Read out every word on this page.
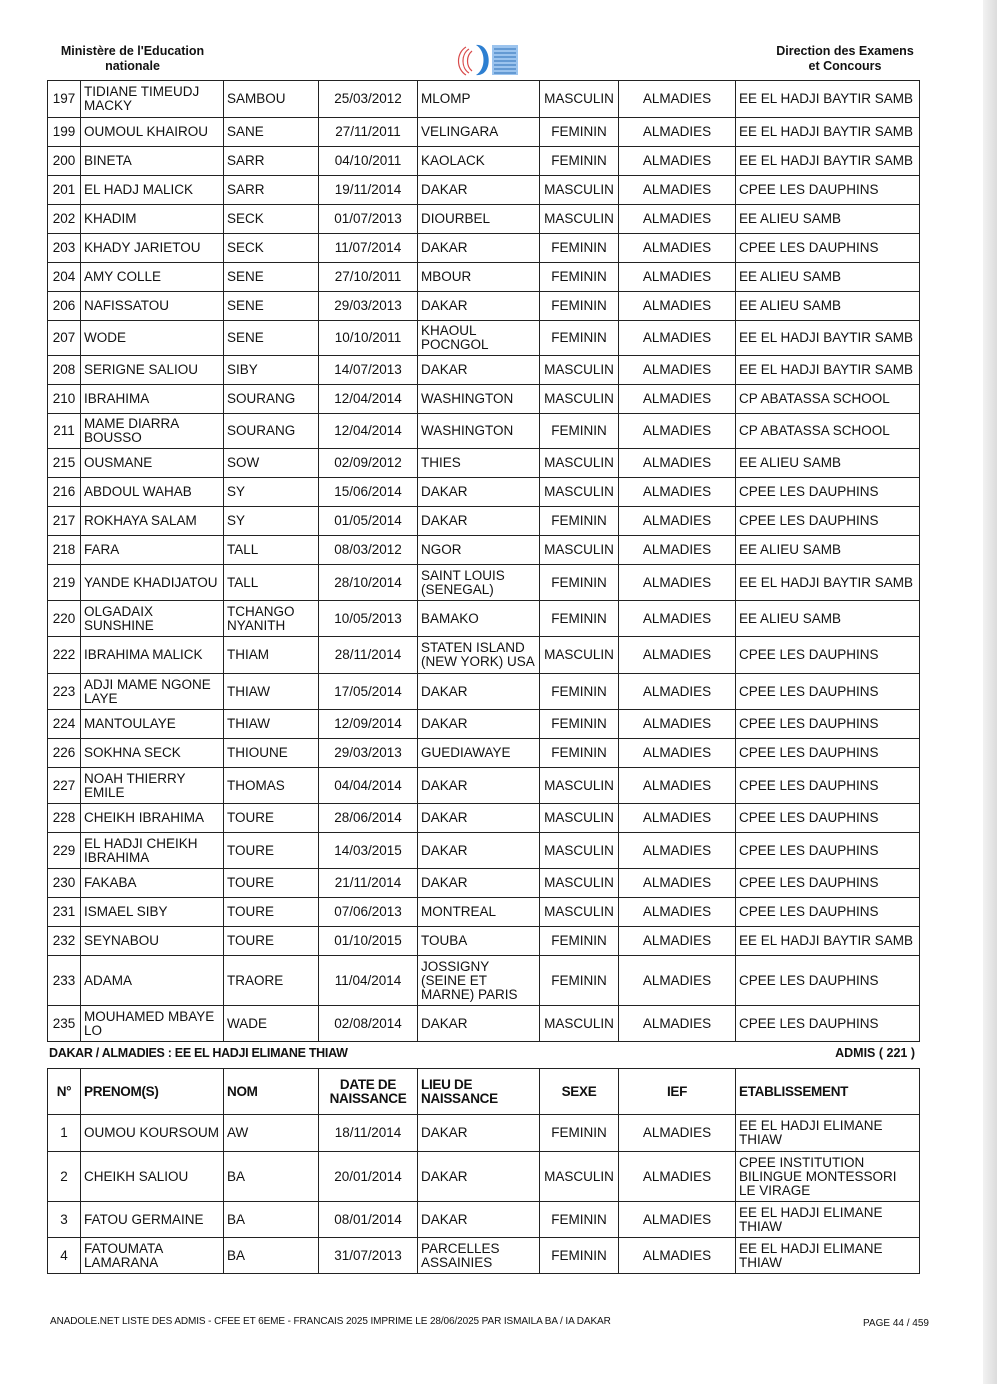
Ministère de l'Education
nationale
Direction des Examens
et Concours
197	TIDIANE TIMEUDJ MACKY	SAMBOU	25/03/2012	MLOMP	MASCULIN	ALMADIES	EE EL HADJI BAYTIR SAMB
199	OUMOUL KHAIROU	SANE	27/11/2011	VELINGARA	FEMININ	ALMADIES	EE EL HADJI BAYTIR SAMB
200	BINETA	SARR	04/10/2011	KAOLACK	FEMININ	ALMADIES	EE EL HADJI BAYTIR SAMB
201	EL HADJ MALICK	SARR	19/11/2014	DAKAR	MASCULIN	ALMADIES	CPEE LES DAUPHINS
202	KHADIM	SECK	01/07/2013	DIOURBEL	MASCULIN	ALMADIES	EE ALIEU SAMB
203	KHADY JARIETOU	SECK	11/07/2014	DAKAR	FEMININ	ALMADIES	CPEE LES DAUPHINS
204	AMY COLLE	SENE	27/10/2011	MBOUR	FEMININ	ALMADIES	EE ALIEU SAMB
206	NAFISSATOU	SENE	29/03/2013	DAKAR	FEMININ	ALMADIES	EE ALIEU SAMB
207	WODE	SENE	10/10/2011	KHAOUL POCNGOL	FEMININ	ALMADIES	EE EL HADJI BAYTIR SAMB
208	SERIGNE SALIOU	SIBY	14/07/2013	DAKAR	MASCULIN	ALMADIES	EE EL HADJI BAYTIR SAMB
210	IBRAHIMA	SOURANG	12/04/2014	WASHINGTON	MASCULIN	ALMADIES	CP ABATASSA SCHOOL
211	MAME DIARRA BOUSSO	SOURANG	12/04/2014	WASHINGTON	FEMININ	ALMADIES	CP ABATASSA SCHOOL
215	OUSMANE	SOW	02/09/2012	THIES	MASCULIN	ALMADIES	EE ALIEU SAMB
216	ABDOUL WAHAB	SY	15/06/2014	DAKAR	MASCULIN	ALMADIES	CPEE LES DAUPHINS
217	ROKHAYA SALAM	SY	01/05/2014	DAKAR	FEMININ	ALMADIES	CPEE LES DAUPHINS
218	FARA	TALL	08/03/2012	NGOR	MASCULIN	ALMADIES	EE ALIEU SAMB
219	YANDE KHADIJATOU	TALL	28/10/2014	SAINT LOUIS (SENEGAL)	FEMININ	ALMADIES	EE EL HADJI BAYTIR SAMB
220	OLGADAIX SUNSHINE	TCHANGO NYANITH	10/05/2013	BAMAKO	FEMININ	ALMADIES	EE ALIEU SAMB
222	IBRAHIMA MALICK	THIAM	28/11/2014	STATEN ISLAND (NEW YORK) USA	MASCULIN	ALMADIES	CPEE LES DAUPHINS
223	ADJI MAME NGONE LAYE	THIAW	17/05/2014	DAKAR	FEMININ	ALMADIES	CPEE LES DAUPHINS
224	MANTOULAYE	THIAW	12/09/2014	DAKAR	FEMININ	ALMADIES	CPEE LES DAUPHINS
226	SOKHNA SECK	THIOUNE	29/03/2013	GUEDIAWAYE	FEMININ	ALMADIES	CPEE LES DAUPHINS
227	NOAH THIERRY EMILE	THOMAS	04/04/2014	DAKAR	MASCULIN	ALMADIES	CPEE LES DAUPHINS
228	CHEIKH IBRAHIMA	TOURE	28/06/2014	DAKAR	MASCULIN	ALMADIES	CPEE LES DAUPHINS
229	EL HADJI CHEIKH IBRAHIMA	TOURE	14/03/2015	DAKAR	MASCULIN	ALMADIES	CPEE LES DAUPHINS
230	FAKABA	TOURE	21/11/2014	DAKAR	MASCULIN	ALMADIES	CPEE LES DAUPHINS
231	ISMAEL SIBY	TOURE	07/06/2013	MONTREAL	MASCULIN	ALMADIES	CPEE LES DAUPHINS
232	SEYNABOU	TOURE	01/10/2015	TOUBA	FEMININ	ALMADIES	EE EL HADJI BAYTIR SAMB
233	ADAMA	TRAORE	11/04/2014	JOSSIGNY (SEINE ET MARNE) PARIS	FEMININ	ALMADIES	CPEE LES DAUPHINS
235	MOUHAMED MBAYE LO	WADE	02/08/2014	DAKAR	MASCULIN	ALMADIES	CPEE LES DAUPHINS
DAKAR / ALMADIES : EE EL HADJI ELIMANE THIAW	ADMIS ( 221 )
N°	PRENOM(S)	NOM	DATE DE NAISSANCE	LIEU DE NAISSANCE	SEXE	IEF	ETABLISSEMENT
1	OUMOU KOURSOUM	AW	18/11/2014	DAKAR	FEMININ	ALMADIES	EE EL HADJI ELIMANE THIAW
2	CHEIKH SALIOU	BA	20/01/2014	DAKAR	MASCULIN	ALMADIES	CPEE INSTITUTION BILINGUE MONTESSORI LE VIRAGE
3	FATOU GERMAINE	BA	08/01/2014	DAKAR	FEMININ	ALMADIES	EE EL HADJI ELIMANE THIAW
4	FATOUMATA LAMARANA	BA	31/07/2013	PARCELLES ASSAINIES	FEMININ	ALMADIES	EE EL HADJI ELIMANE THIAW
ANADOLE.NET LISTE DES ADMIS - CFEE ET 6EME - FRANCAIS 2025 IMPRIME LE 28/06/2025 PAR ISMAILA BA / IA DAKAR	PAGE 44 / 459
